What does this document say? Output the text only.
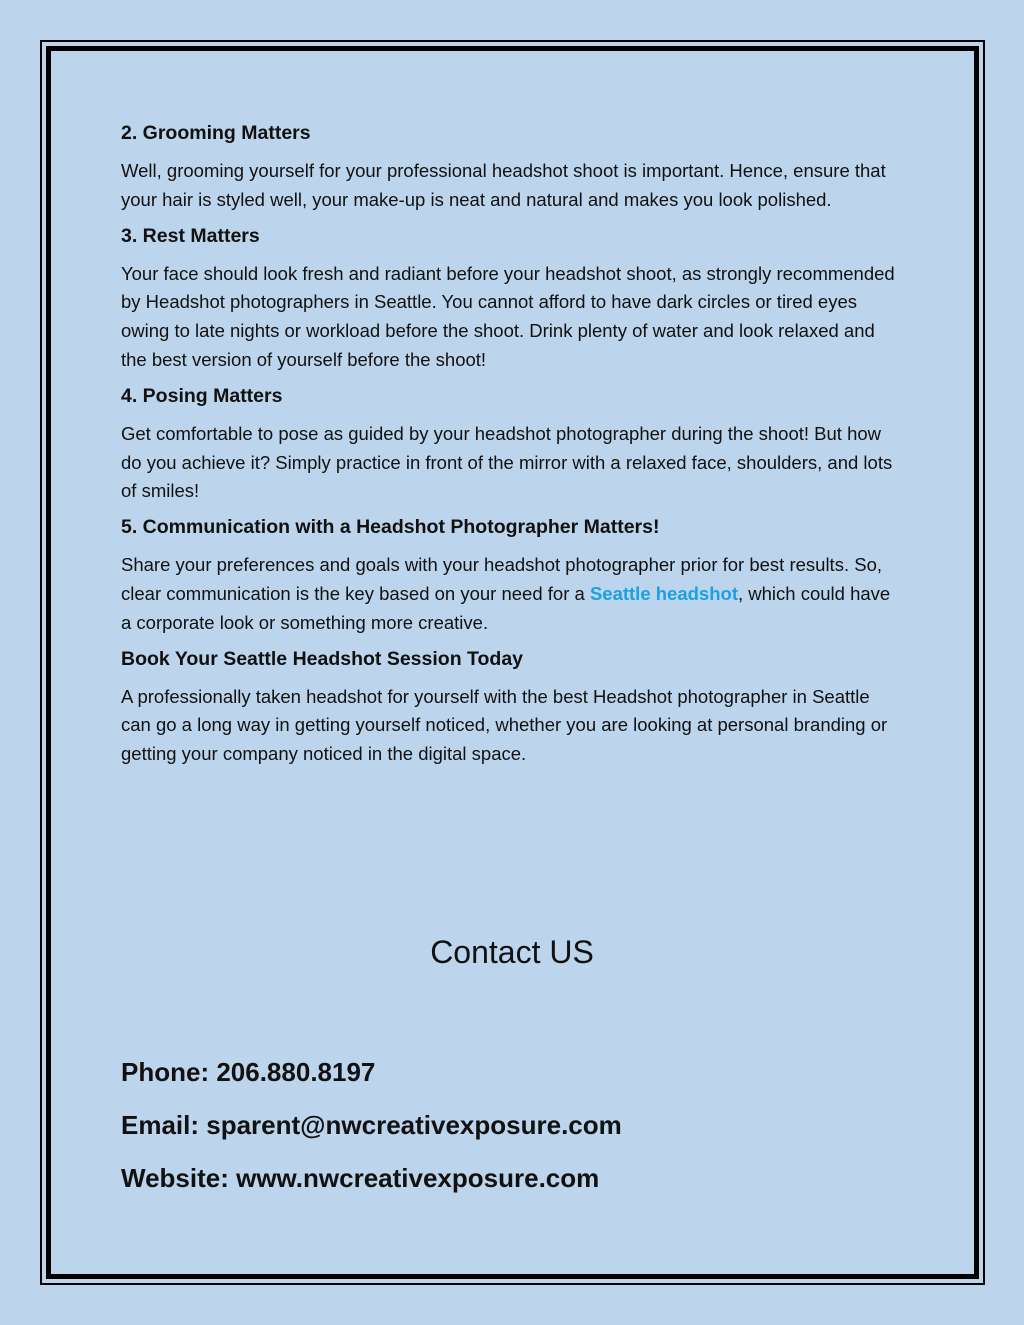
2. Grooming Matters

Well, grooming yourself for your professional headshot shoot is important. Hence, ensure that your hair is styled well, your make-up is neat and natural and makes you look polished.

3. Rest Matters

Your face should look fresh and radiant before your headshot shoot, as strongly recommended by Headshot photographers in Seattle. You cannot afford to have dark circles or tired eyes owing to late nights or workload before the shoot. Drink plenty of water and look relaxed and the best version of yourself before the shoot!

4. Posing Matters

Get comfortable to pose as guided by your headshot photographer during the shoot! But how do you achieve it? Simply practice in front of the mirror with a relaxed face, shoulders, and lots of smiles!

5. Communication with a Headshot Photographer Matters!

Share your preferences and goals with your headshot photographer prior for best results. So, clear communication is the key based on your need for a Seattle headshot, which could have a corporate look or something more creative.

Book Your Seattle Headshot Session Today

A professionally taken headshot for yourself with the best Headshot photographer in Seattle can go a long way in getting yourself noticed, whether you are looking at personal branding or getting your company noticed in the digital space.

Contact US
Phone: 206.880.8197
Email: sparent@nwcreativexposure.com
Website: www.nwcreativexposure.com
